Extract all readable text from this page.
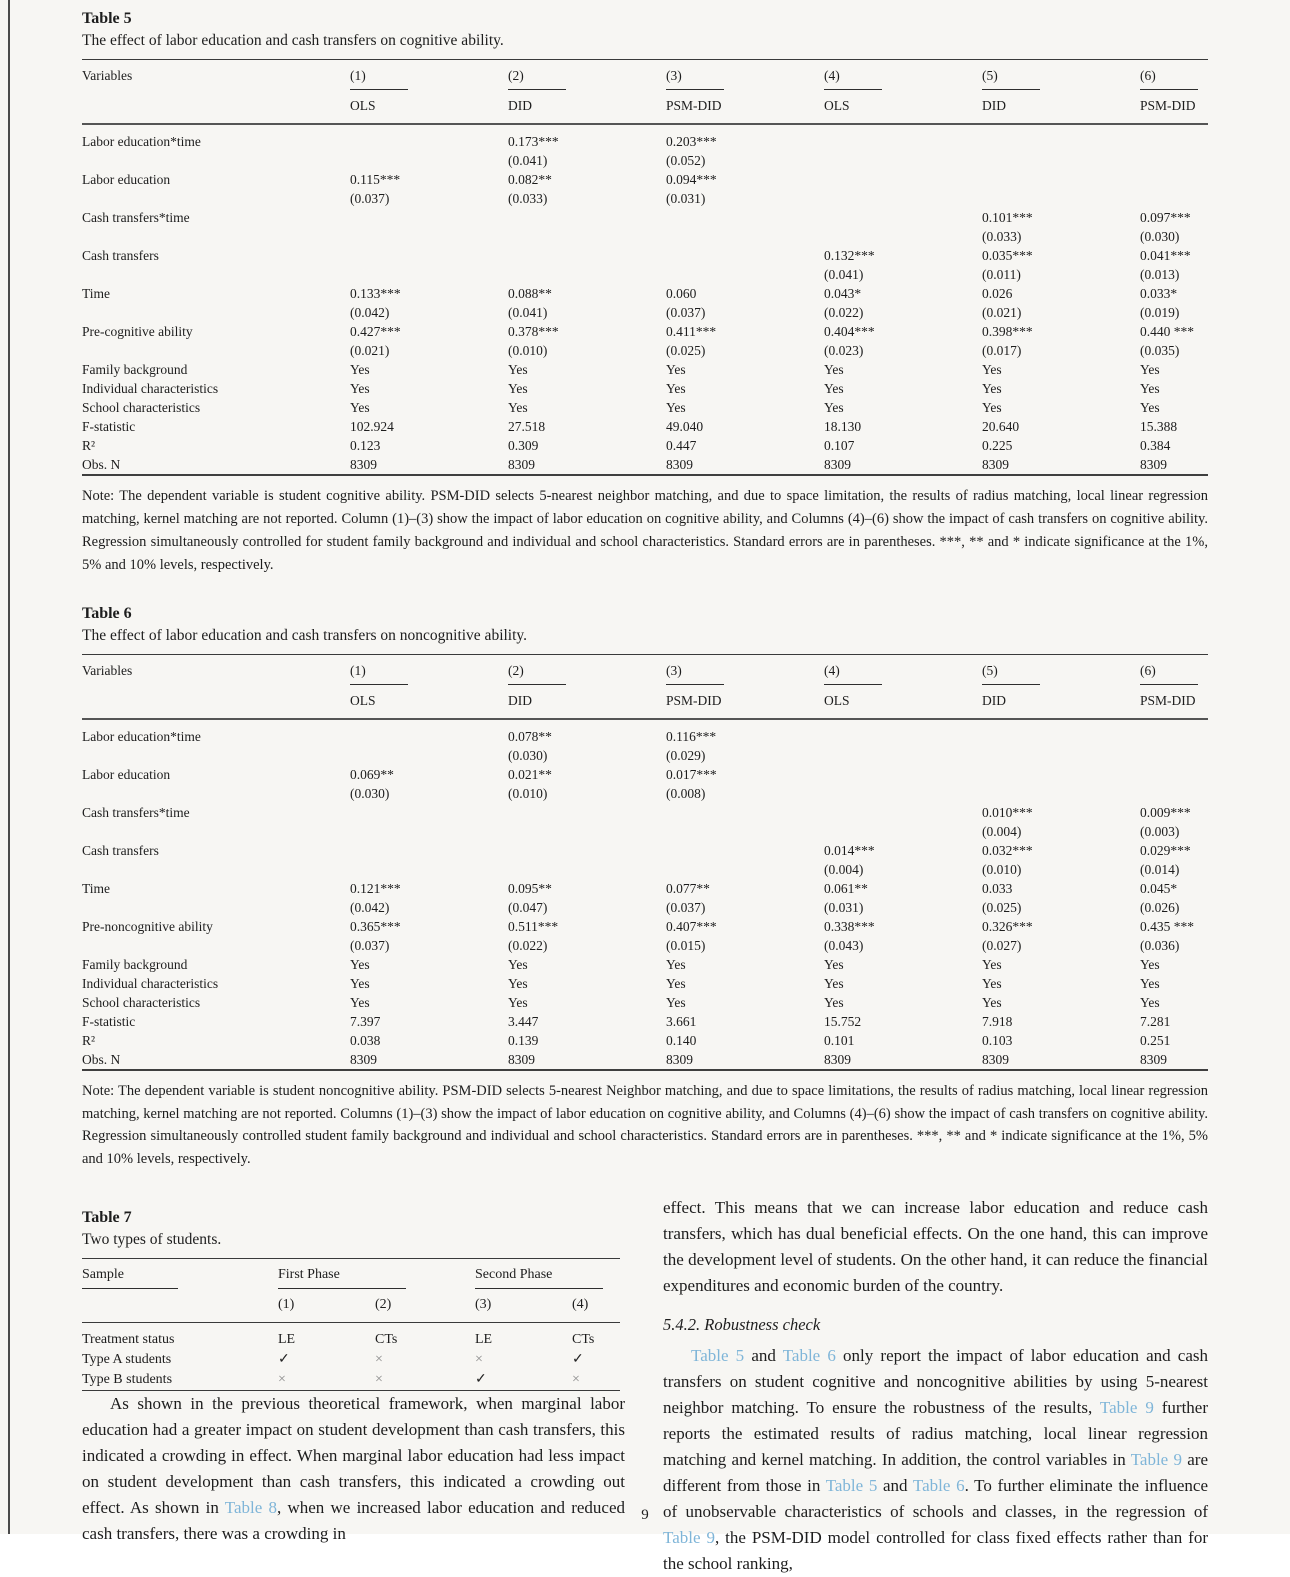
Table 5
The effect of labor education and cash transfers on cognitive ability.
Variables	(1)	(2)	(3)	(4)	(5)	(6)

	OLS	DID	PSM-DID	OLS	DID	PSM-DID
Labor education*time		0.173***	0.203***			
		(0.041)	(0.052)			
Labor education	0.115***	0.082**	0.094***			
	(0.037)	(0.033)	(0.031)			
Cash transfers*time					0.101***	0.097***
					(0.033)	(0.030)
Cash transfers				0.132***	0.035***	0.041***
				(0.041)	(0.011)	(0.013)
Time	0.133***	0.088**	0.060	0.043*	0.026	0.033*
	(0.042)	(0.041)	(0.037)	(0.022)	(0.021)	(0.019)
Pre-cognitive ability	0.427***	0.378***	0.411***	0.404***	0.398***	0.440 ***
	(0.021)	(0.010)	(0.025)	(0.023)	(0.017)	(0.035)
Family background	Yes	Yes	Yes	Yes	Yes	Yes
Individual characteristics	Yes	Yes	Yes	Yes	Yes	Yes
School characteristics	Yes	Yes	Yes	Yes	Yes	Yes
F-statistic	102.924	27.518	49.040	18.130	20.640	15.388
R²	0.123	0.309	0.447	0.107	0.225	0.384
Obs. N	8309	8309	8309	8309	8309	8309

Note: The dependent variable is student cognitive ability. PSM-DID selects 5-nearest neighbor matching, and due to space limitation, the results of radius matching, local linear regression matching, kernel matching are not reported. Column (1)–(3) show the impact of labor education on cognitive ability, and Columns (4)–(6) show the impact of cash transfers on cognitive ability. Regression simultaneously controlled for student family background and individual and school characteristics. Standard errors are in parentheses. ***, ** and * indicate significance at the 1%, 5% and 10% levels, respectively.

Table 6
The effect of labor education and cash transfers on noncognitive ability.
Variables	(1)	(2)	(3)	(4)	(5)	(6)

	OLS	DID	PSM-DID	OLS	DID	PSM-DID
Labor education*time		0.078**	0.116***			
		(0.030)	(0.029)			
Labor education	0.069**	0.021**	0.017***			
	(0.030)	(0.010)	(0.008)			
Cash transfers*time					0.010***	0.009***
					(0.004)	(0.003)
Cash transfers				0.014***	0.032***	0.029***
				(0.004)	(0.010)	(0.014)
Time	0.121***	0.095**	0.077**	0.061**	0.033	0.045*
	(0.042)	(0.047)	(0.037)	(0.031)	(0.025)	(0.026)
Pre-noncognitive ability	0.365***	0.511***	0.407***	0.338***	0.326***	0.435 ***
	(0.037)	(0.022)	(0.015)	(0.043)	(0.027)	(0.036)
Family background	Yes	Yes	Yes	Yes	Yes	Yes
Individual characteristics	Yes	Yes	Yes	Yes	Yes	Yes
School characteristics	Yes	Yes	Yes	Yes	Yes	Yes
F-statistic	7.397	3.447	3.661	15.752	7.918	7.281
R²	0.038	0.139	0.140	0.101	0.103	0.251
Obs. N	8309	8309	8309	8309	8309	8309

Note: The dependent variable is student noncognitive ability. PSM-DID selects 5-nearest Neighbor matching, and due to space limitations, the results of radius matching, local linear regression matching, kernel matching are not reported. Columns (1)–(3) show the impact of labor education on cognitive ability, and Columns (4)–(6) show the impact of cash transfers on cognitive ability. Regression simultaneously controlled student family background and individual and school characteristics. Standard errors are in parentheses. ***, ** and * indicate significance at the 1%, 5% and 10% levels, respectively.

Table 7
Two types of students.
Sample	First Phase		Second Phase	

	(1)	(2)	(3)	(4)
Treatment status	LE	CTs	LE	CTs
Type A students	✓	×	×	✓
Type B students	×	×	✓	×

As shown in the previous theoretical framework, when marginal labor education had a greater impact on student development than cash transfers, this indicated a crowding in effect. When marginal labor education had less impact on student development than cash transfers, this indicated a crowding out effect. As shown in Table 8, when we increased labor education and reduced cash transfers, there was a crowding in

effect. This means that we can increase labor education and reduce cash transfers, which has dual beneficial effects. On the one hand, this can improve the development level of students. On the other hand, it can reduce the financial expenditures and economic burden of the country.

5.4.2. Robustness check

Table 5 and Table 6 only report the impact of labor education and cash transfers on student cognitive and noncognitive abilities by using 5-nearest neighbor matching. To ensure the robustness of the results, Table 9 further reports the estimated results of radius matching, local linear regression matching and kernel matching. In addition, the control variables in Table 9 are different from those in Table 5 and Table 6. To further eliminate the influence of unobservable characteristics of schools and classes, in the regression of Table 9, the PSM-DID model controlled for class fixed effects rather than for the school ranking,

9
